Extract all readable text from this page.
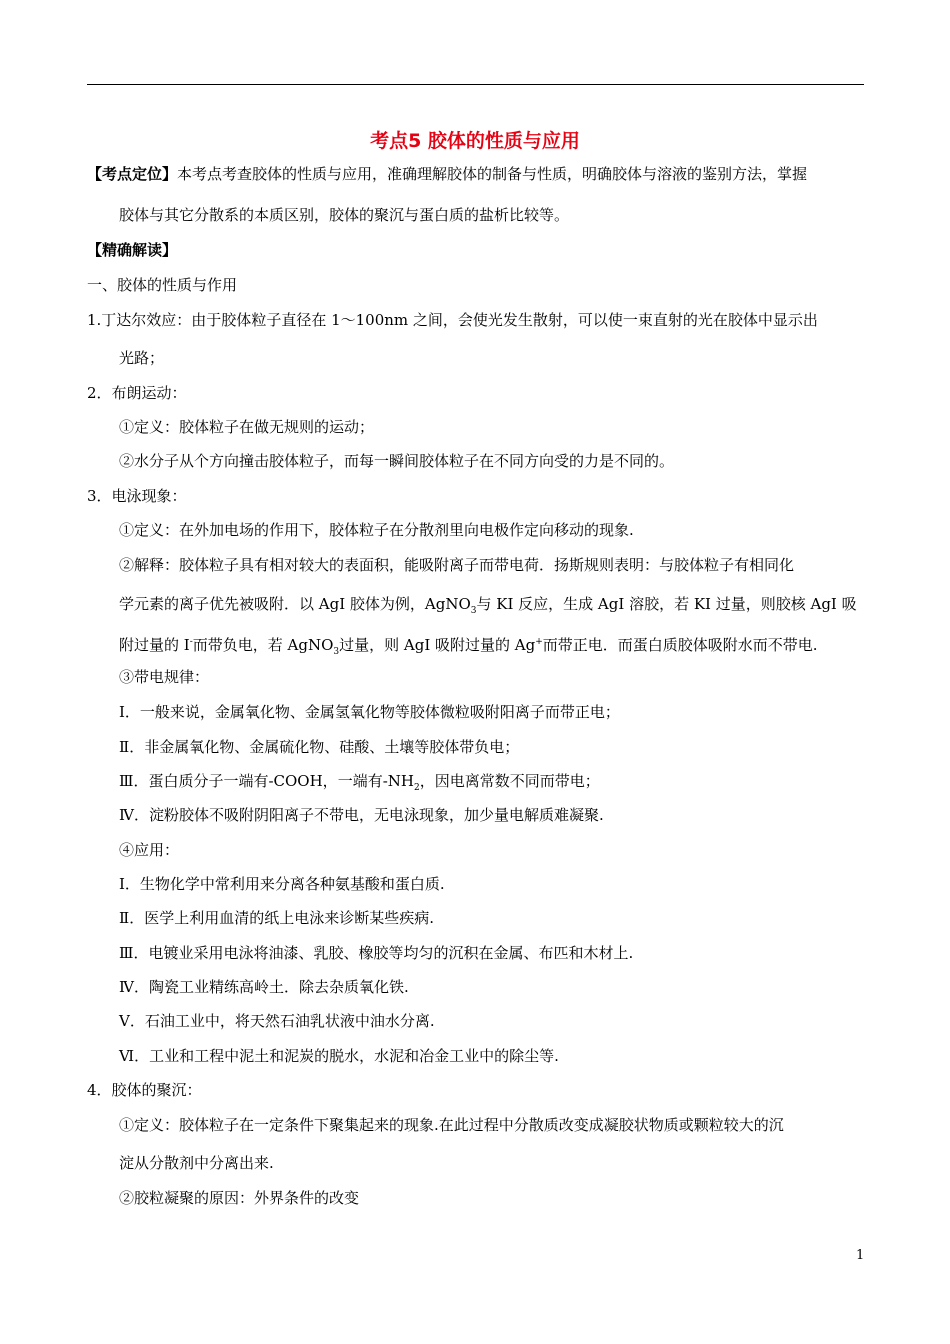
考点5 胶体的性质与应用
【考点定位】本考点考查胶体的性质与应用，准确理解胶体的制备与性质，明确胶体与溶液的鉴别方法，掌握
胶体与其它分散系的本质区别，胶体的聚沉与蛋白质的盐析比较等。
【精确解读】
一、胶体的性质与作用
1.丁达尔效应：由于胶体粒子直径在 1～100nm 之间，会使光发生散射，可以使一束直射的光在胶体中显示出
光路；
2．布朗运动：
①定义：胶体粒子在做无规则的运动；
②水分子从个方向撞击胶体粒子，而每一瞬间胶体粒子在不同方向受的力是不同的。
3．电泳现象：
①定义：在外加电场的作用下，胶体粒子在分散剂里向电极作定向移动的现象.
②解释：胶体粒子具有相对较大的表面积，能吸附离子而带电荷．扬斯规则表明：与胶体粒子有相同化
学元素的离子优先被吸附．以 AgI 胶体为例，AgNO$_3$与 KI 反应，生成 AgI 溶胶，若 KI 过量，则胶核 AgI 吸
附过量的 I-而带负电，若 AgNO$_3$过量，则 AgI 吸附过量的 Ag+而带正电．而蛋白质胶体吸附水而不带电.
③带电规律：
Ⅰ．一般来说，金属氧化物、金属氢氧化物等胶体微粒吸附阳离子而带正电；
Ⅱ．非金属氧化物、金属硫化物、硅酸、土壤等胶体带负电；
Ⅲ．蛋白质分子一端有-COOH，一端有$-NH_2$，因电离常数不同而带电；
Ⅳ．淀粉胶体不吸附阴阳离子不带电，无电泳现象，加少量电解质难凝聚.
④应用：
Ⅰ．生物化学中常利用来分离各种氨基酸和蛋白质.
Ⅱ．医学上利用血清的纸上电泳来诊断某些疾病.
Ⅲ．电镀业采用电泳将油漆、乳胶、橡胶等均匀的沉积在金属、布匹和木材上.
Ⅳ．陶瓷工业精练高岭土．除去杂质氧化铁.
Ⅴ．石油工业中，将天然石油乳状液中油水分离.
Ⅵ．工业和工程中泥土和泥炭的脱水，水泥和冶金工业中的除尘等.
4．胶体的聚沉：
①定义：胶体粒子在一定条件下聚集起来的现象.在此过程中分散质改变成凝胶状物质或颗粒较大的沉
淀从分散剂中分离出来.
②胶粒凝聚的原因：外界条件的改变
1
